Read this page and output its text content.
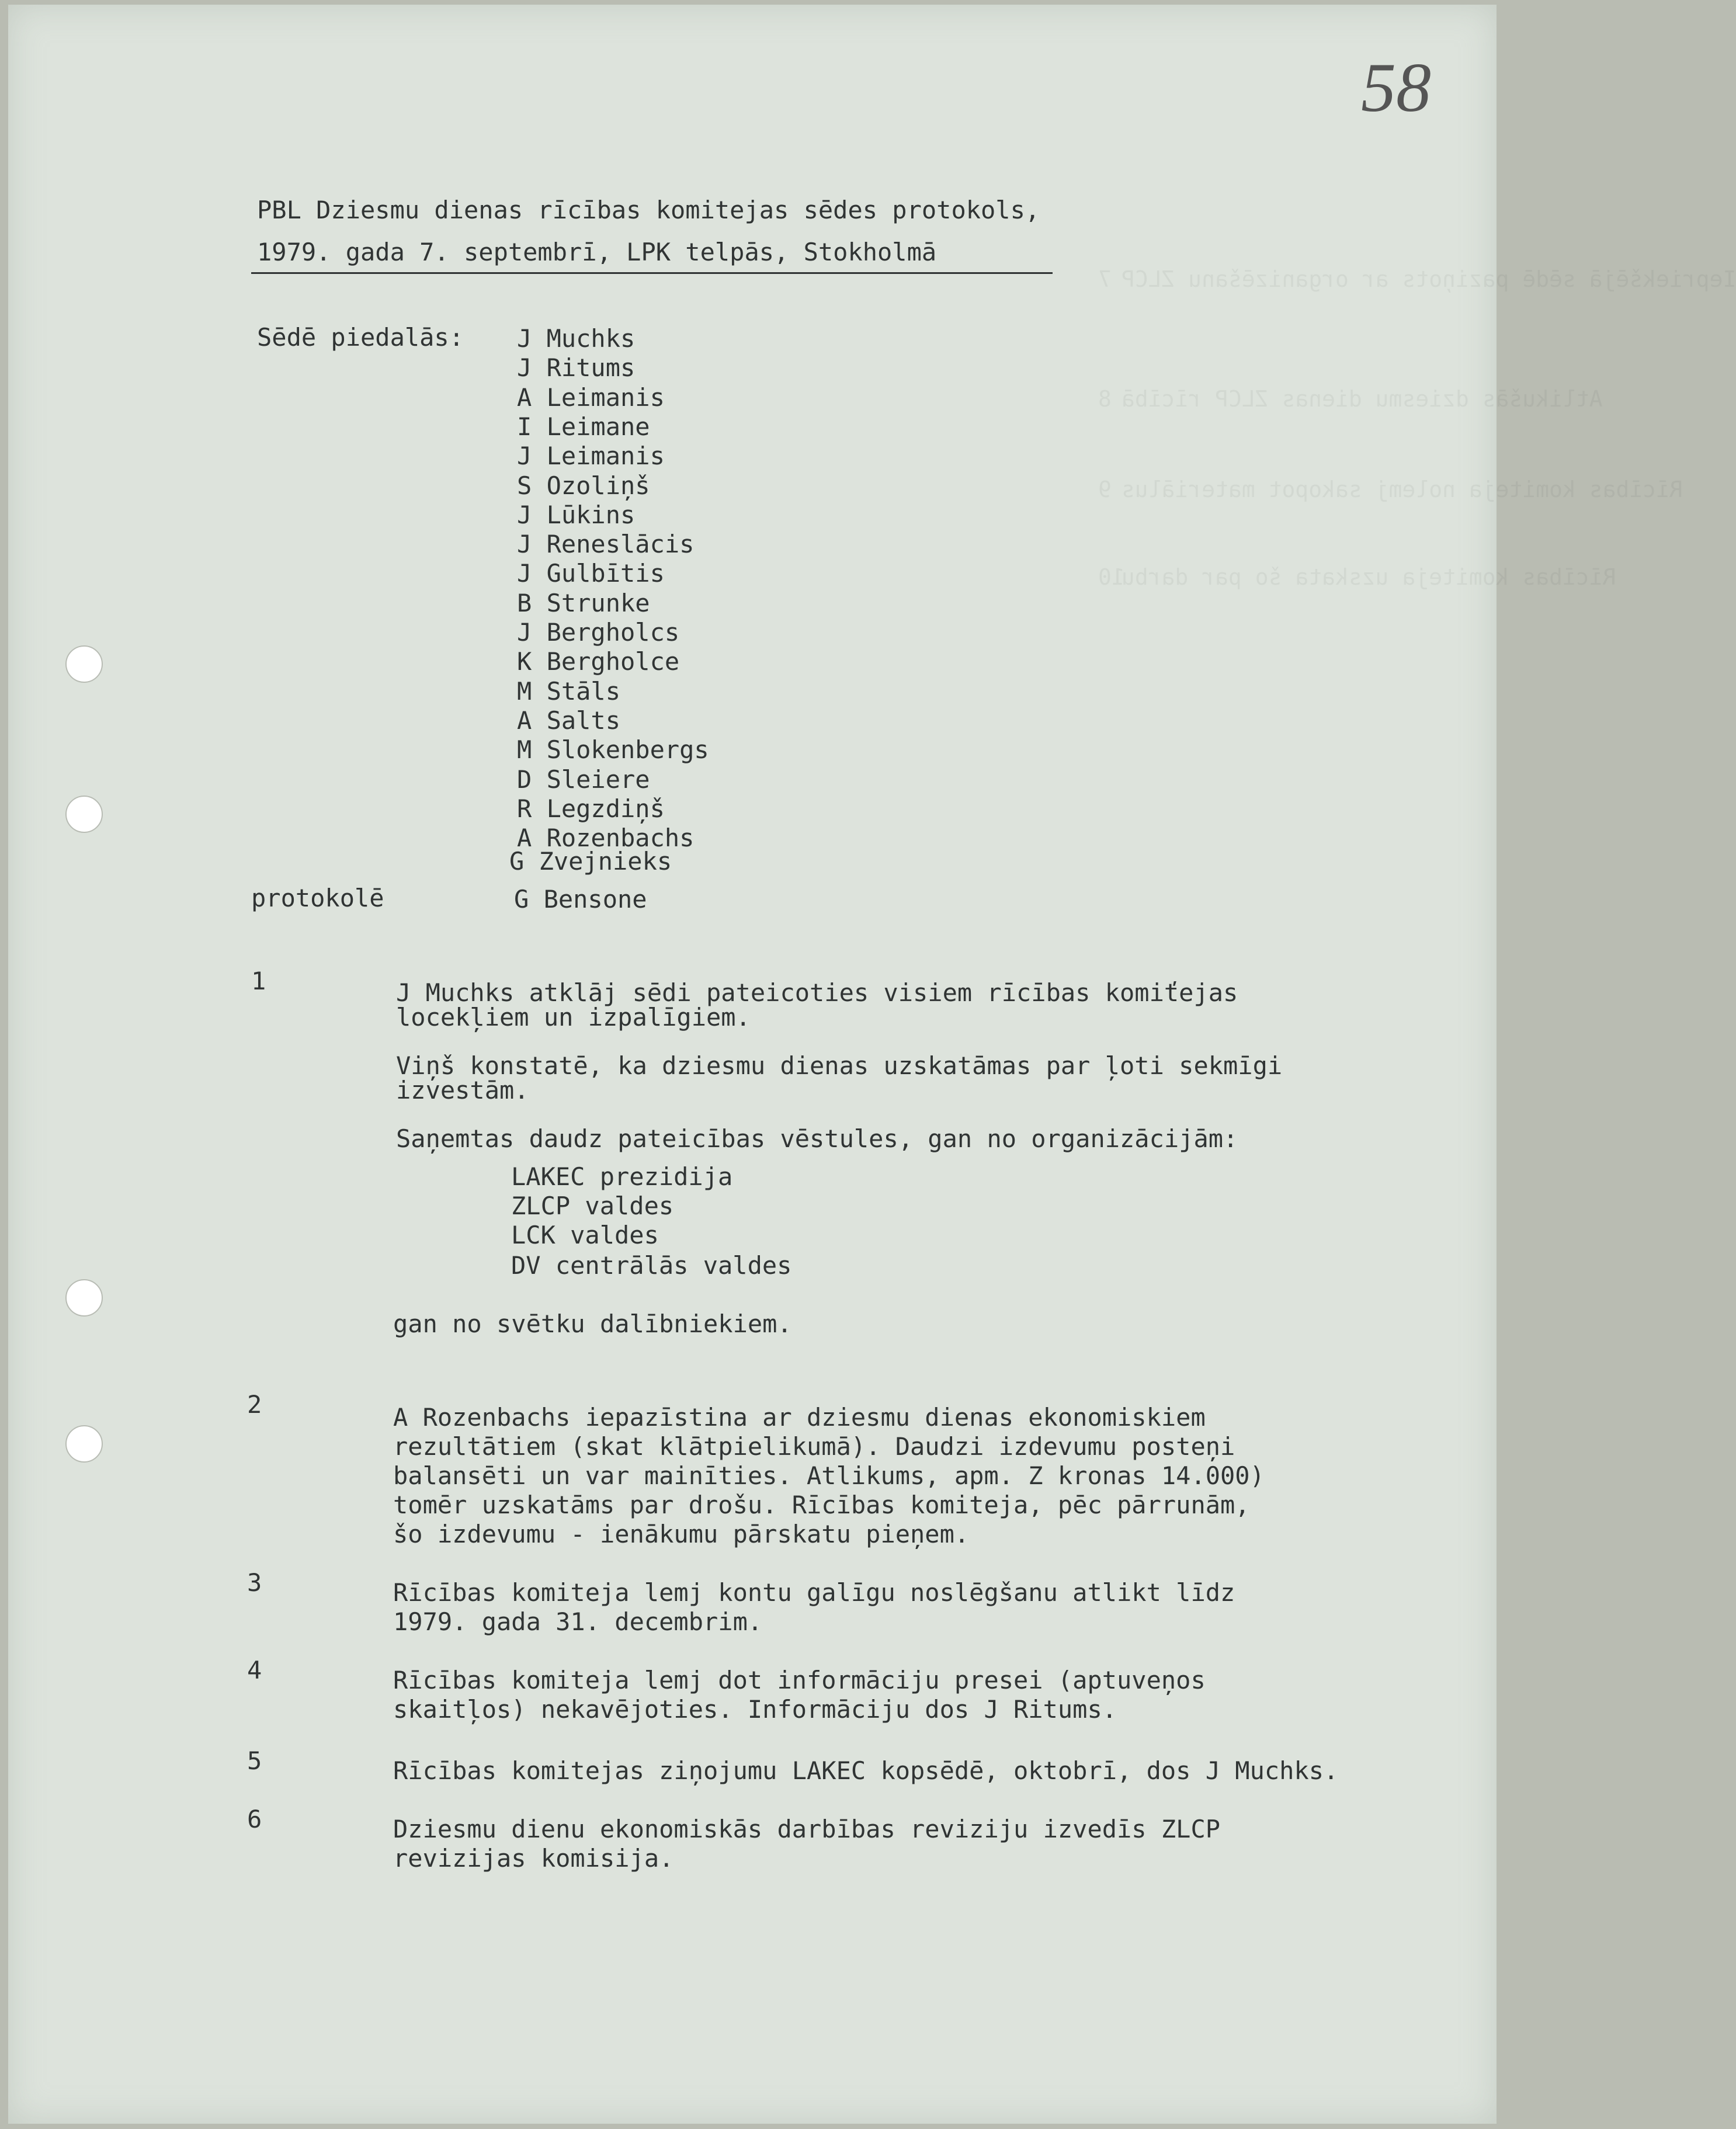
7

8

9

10

Iepriekšējā sēdē paziņots ar organizēšanu ZLCP

Atlikušās dziesmu dienas ZLCP rīcībā

Rīcības komiteja nolemj sakopot materiālus

Rīcības komiteja uzskata šo par darbu

58

PBL Dziesmu dienas rīcības komitejas sēdes protokols,

1979. gada 7. septembrī, LPK telpās, Stokholmā

Sēdē piedalās: J Muchks

J Ritums

A Leimanis

I Leimane

J Leimanis

S Ozoliņš

J Lūkins

J Reneslācis

J Gulbītis

B Strunke

J Bergholcs

K Bergholce

M Stāls

A Salts

M Slokenbergs

D Sleiere

R Legzdiņš

A Rozenbachs

G Zvejnieks

protokolē	G Bensone

1	J Muchks atklāj sēdi pateicoties visiem rīcības komiťejas

locekļiem un izpalīgiem.

Viņš konstatē, ka dziesmu dienas uzskatāmas par ļoti sekmīgi

izvestām.

Saņemtas daudz pateicības vēstules, gan no organizācijām:

LAKEC prezidija

ZLCP valdes

LCK valdes

DV centrālās valdes

gan no svētku dalībniekiem.

2	A Rozenbachs iepazīstina ar dziesmu dienas ekonomiskiem

rezultātiem (skat klātpielikumā). Daudzi izdevumu posteņi

balansēti un var mainīties. Atlikums, apm. Z kronas 14.000)

tomēr uzskatāms par drošu. Rīcības komiteja, pēc pārrunām,

šo izdevumu - ienākumu pārskatu pieņem.

3	Rīcības komiteja lemj kontu galīgu noslēgšanu atlikt līdz

1979. gada 31. decembrim.

4	Rīcības komiteja lemj dot informāciju presei (aptuveņos

skaitļos) nekavējoties. Informāciju dos J Ritums.

5	Rīcības komitejas ziņojumu LAKEC kopsēdē, oktobrī, dos J Muchks.

6	Dziesmu dienu ekonomiskās darbības reviziju izvedīs ZLCP

revizijas komisija.
